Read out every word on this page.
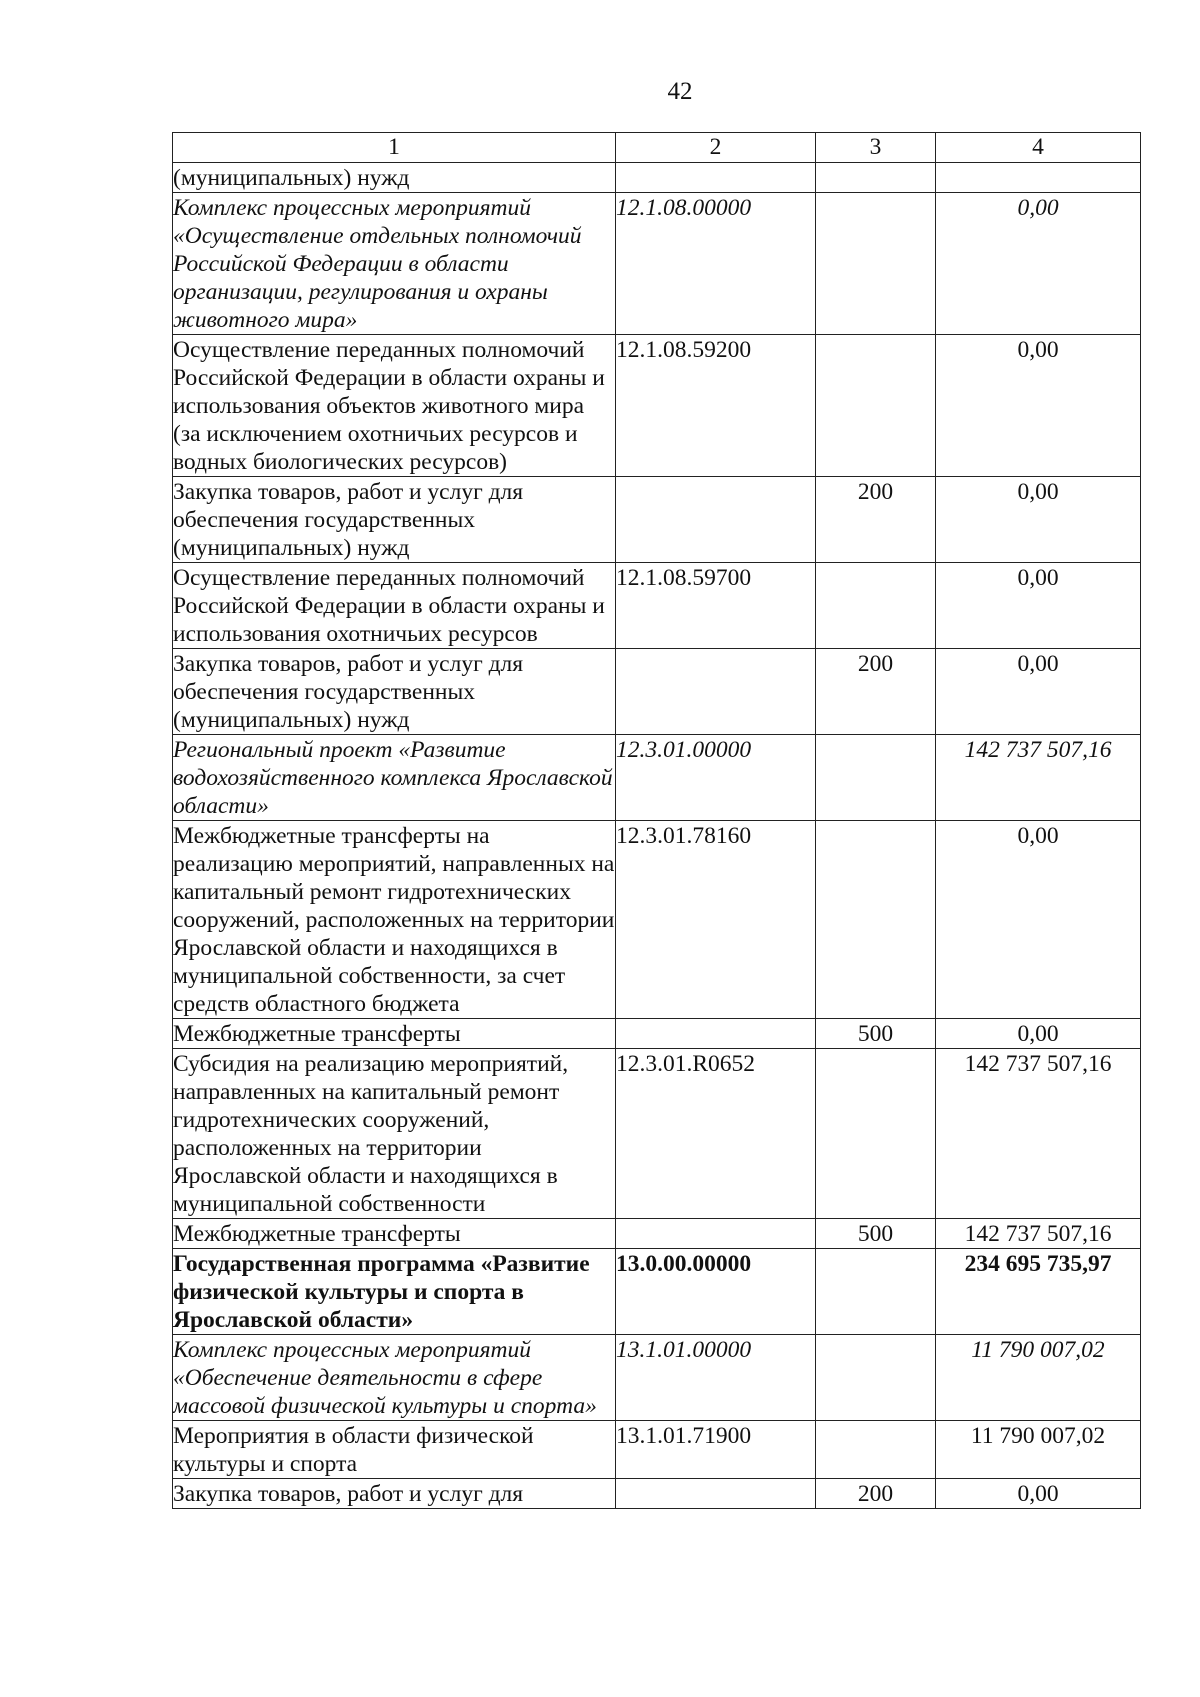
42
1	2	3	4
(муниципальных) нужд			
Комплекс процессных мероприятий «Осуществление отдельных полномочий Российской Федерации в области организации, регулирования и охраны животного мира»	12.1.08.00000		0,00
Осуществление переданных полномочий Российской Федерации в области охраны и использования объектов животного мира (за исключением охотничьих ресурсов и водных биологических ресурсов)	12.1.08.59200		0,00
Закупка товаров, работ и услуг для обеспечения государственных (муниципальных) нужд		200	0,00
Осуществление переданных полномочий Российской Федерации в области охраны и использования охотничьих ресурсов	12.1.08.59700		0,00
Закупка товаров, работ и услуг для обеспечения государственных (муниципальных) нужд		200	0,00
Региональный проект «Развитие водохозяйственного комплекса Ярославской области»	12.3.01.00000		142 737 507,16
Межбюджетные трансферты на реализацию мероприятий, направленных на капитальный ремонт гидротехнических сооружений, расположенных на территории Ярославской области и находящихся в муниципальной собственности, за счет средств областного бюджета	12.3.01.78160		0,00
Межбюджетные трансферты		500	0,00
Субсидия на реализацию мероприятий, направленных на капитальный ремонт гидротехнических сооружений, расположенных на территории Ярославской области и находящихся в муниципальной собственности	12.3.01.R0652		142 737 507,16
Межбюджетные трансферты		500	142 737 507,16
Государственная программа «Развитие физической культуры и спорта в Ярославской области»	13.0.00.00000		234 695 735,97
Комплекс процессных мероприятий «Обеспечение деятельности в сфере массовой физической культуры и спорта»	13.1.01.00000		11 790 007,02
Мероприятия в области физической культуры и спорта	13.1.01.71900		11 790 007,02
Закупка товаров, работ и услуг для		200	0,00
